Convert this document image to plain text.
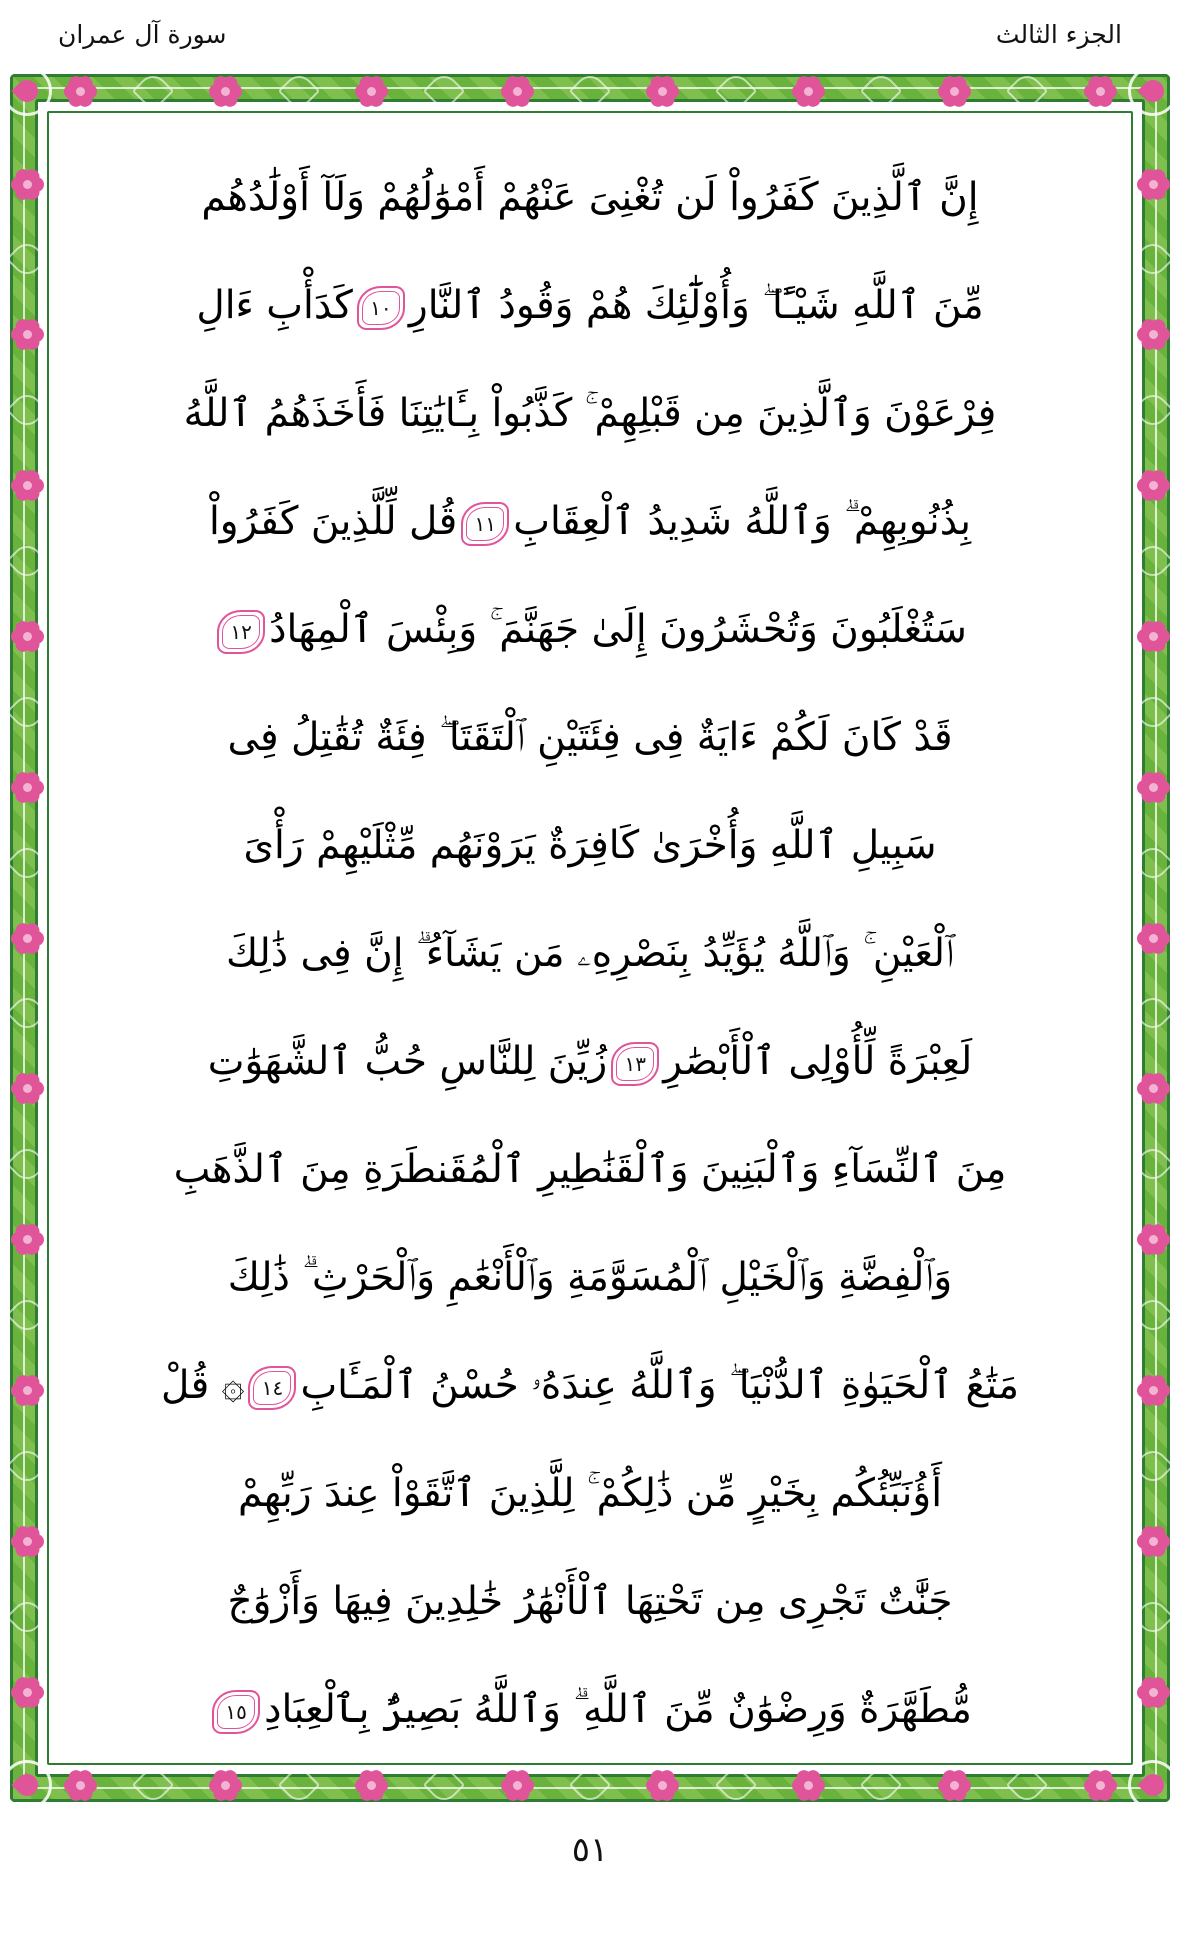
الجزء الثالث
سورة آل عمران
إِنَّ ٱلَّذِينَ كَفَرُواْ لَن تُغْنِىَ عَنْهُمْ أَمْوَٰلُهُمْ وَلَآ أَوْلَٰدُهُم
مِّنَ ٱللَّهِ شَيْـًٔا ۖ وَأُوْلَٰٓئِكَ هُمْ وَقُودُ ٱلنَّارِ
١٠
كَدَأْبِ ءَالِ
فِرْعَوْنَ وَٱلَّذِينَ مِن قَبْلِهِمْ ۚ كَذَّبُواْ بِـَٔايَٰتِنَا فَأَخَذَهُمُ ٱللَّهُ
بِذُنُوبِهِمْ ۗ وَٱللَّهُ شَدِيدُ ٱلْعِقَابِ
١١
قُل لِّلَّذِينَ كَفَرُواْ
سَتُغْلَبُونَ وَتُحْشَرُونَ إِلَىٰ جَهَنَّمَ ۚ وَبِئْسَ ٱلْمِهَادُ
١٢
قَدْ كَانَ لَكُمْ ءَايَةٌ فِى فِئَتَيْنِ ٱلْتَقَتَا ۖ فِئَةٌ تُقَٰتِلُ فِى
سَبِيلِ ٱللَّهِ وَأُخْرَىٰ كَافِرَةٌ يَرَوْنَهُم مِّثْلَيْهِمْ رَأْىَ
ٱلْعَيْنِ ۚ وَٱللَّهُ يُؤَيِّدُ بِنَصْرِهِۦ مَن يَشَآءُ ۗ إِنَّ فِى ذَٰلِكَ
لَعِبْرَةً لِّأُوْلِى ٱلْأَبْصَٰرِ
١٣
زُيِّنَ لِلنَّاسِ حُبُّ ٱلشَّهَوَٰتِ
مِنَ ٱلنِّسَآءِ وَٱلْبَنِينَ وَٱلْقَنَٰطِيرِ ٱلْمُقَنطَرَةِ مِنَ ٱلذَّهَبِ
وَٱلْفِضَّةِ وَٱلْخَيْلِ ٱلْمُسَوَّمَةِ وَٱلْأَنْعَٰمِ وَٱلْحَرْثِ ۗ ذَٰلِكَ
مَتَٰعُ ٱلْحَيَوٰةِ ٱلدُّنْيَا ۖ وَٱللَّهُ عِندَهُۥ حُسْنُ ٱلْمَـَٔابِ
١٤
۞ قُلْ
أَؤُنَبِّئُكُم بِخَيْرٍ مِّن ذَٰلِكُمْ ۚ لِلَّذِينَ ٱتَّقَوْاْ عِندَ رَبِّهِمْ
جَنَّٰتٌ تَجْرِى مِن تَحْتِهَا ٱلْأَنْهَٰرُ خَٰلِدِينَ فِيهَا وَأَزْوَٰجٌ
مُّطَهَّرَةٌ وَرِضْوَٰنٌ مِّنَ ٱللَّهِ ۗ وَٱللَّهُ بَصِيرٌۢ بِٱلْعِبَادِ
١٥
٥١
